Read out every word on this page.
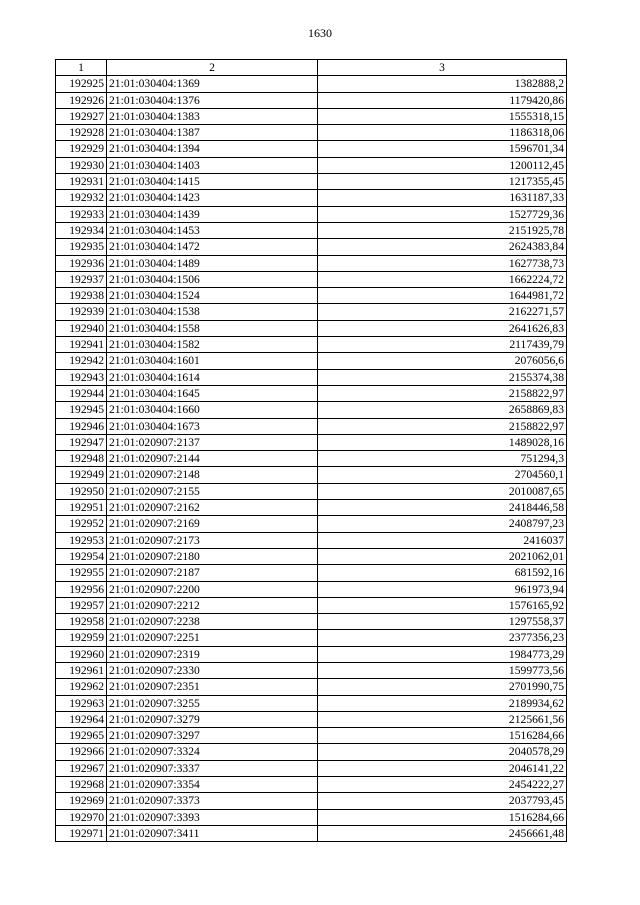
1630
1	2	3
192925	21:01:030404:1369	1382888,2
192926	21:01:030404:1376	1179420,86
192927	21:01:030404:1383	1555318,15
192928	21:01:030404:1387	1186318,06
192929	21:01:030404:1394	1596701,34
192930	21:01:030404:1403	1200112,45
192931	21:01:030404:1415	1217355,45
192932	21:01:030404:1423	1631187,33
192933	21:01:030404:1439	1527729,36
192934	21:01:030404:1453	2151925,78
192935	21:01:030404:1472	2624383,84
192936	21:01:030404:1489	1627738,73
192937	21:01:030404:1506	1662224,72
192938	21:01:030404:1524	1644981,72
192939	21:01:030404:1538	2162271,57
192940	21:01:030404:1558	2641626,83
192941	21:01:030404:1582	2117439,79
192942	21:01:030404:1601	2076056,6
192943	21:01:030404:1614	2155374,38
192944	21:01:030404:1645	2158822,97
192945	21:01:030404:1660	2658869,83
192946	21:01:030404:1673	2158822,97
192947	21:01:020907:2137	1489028,16
192948	21:01:020907:2144	751294,3
192949	21:01:020907:2148	2704560,1
192950	21:01:020907:2155	2010087,65
192951	21:01:020907:2162	2418446,58
192952	21:01:020907:2169	2408797,23
192953	21:01:020907:2173	2416037
192954	21:01:020907:2180	2021062,01
192955	21:01:020907:2187	681592,16
192956	21:01:020907:2200	961973,94
192957	21:01:020907:2212	1576165,92
192958	21:01:020907:2238	1297558,37
192959	21:01:020907:2251	2377356,23
192960	21:01:020907:2319	1984773,29
192961	21:01:020907:2330	1599773,56
192962	21:01:020907:2351	2701990,75
192963	21:01:020907:3255	2189934,62
192964	21:01:020907:3279	2125661,56
192965	21:01:020907:3297	1516284,66
192966	21:01:020907:3324	2040578,29
192967	21:01:020907:3337	2046141,22
192968	21:01:020907:3354	2454222,27
192969	21:01:020907:3373	2037793,45
192970	21:01:020907:3393	1516284,66
192971	21:01:020907:3411	2456661,48
